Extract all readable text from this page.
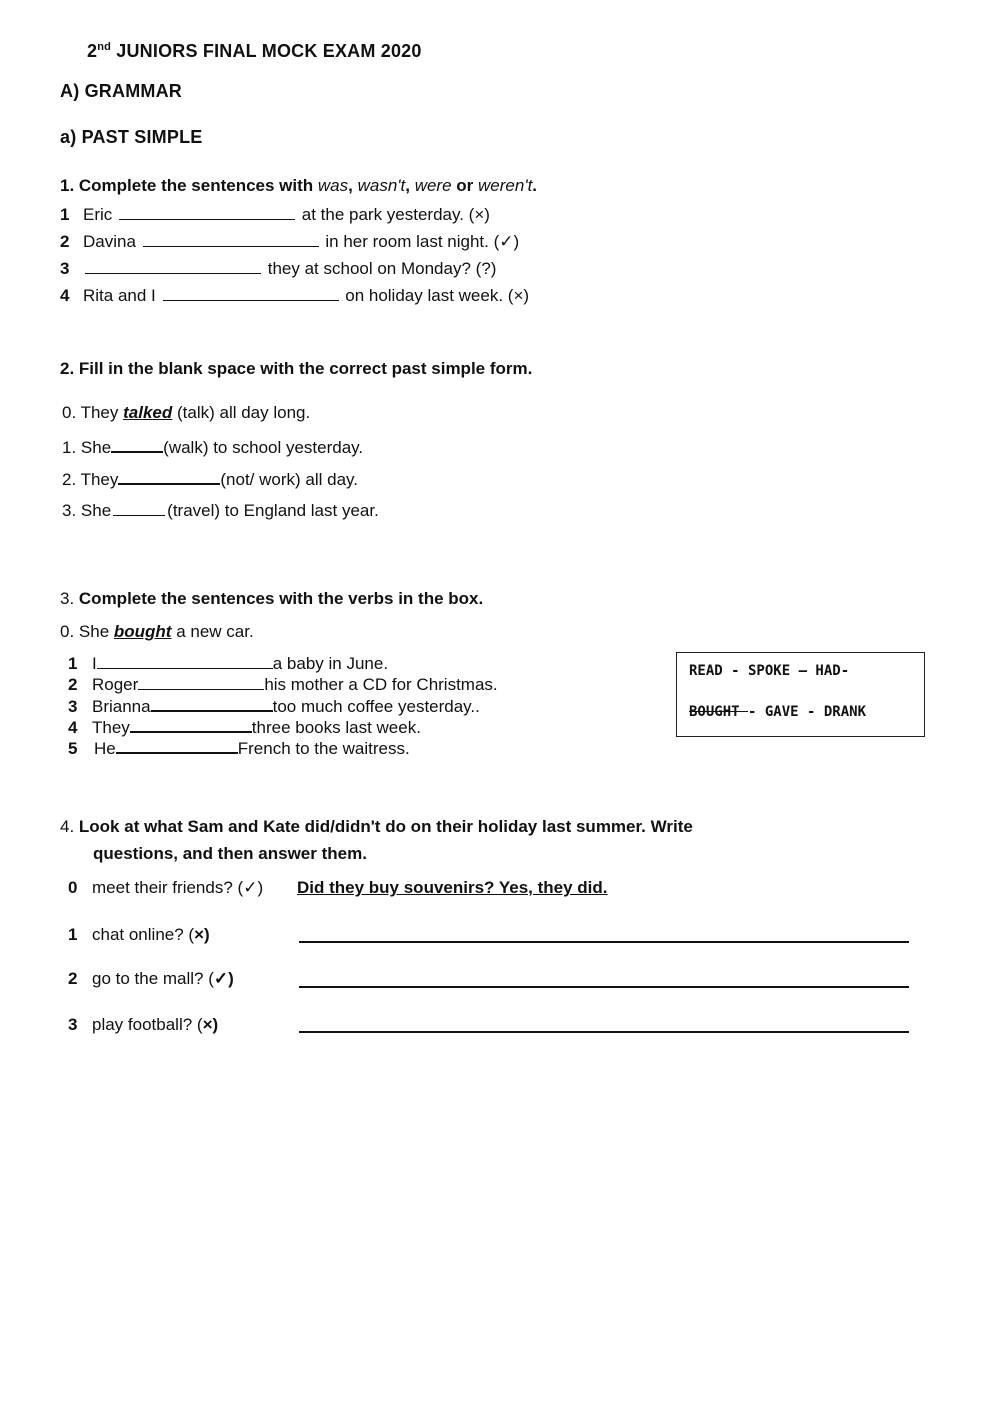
2nd JUNIORS FINAL MOCK EXAM 2020
A) GRAMMAR
a) PAST SIMPLE
1. Complete the sentences with was, wasn't, were or weren't.
1 Eric	at the park yesterday. (×)
2 Davina	in her room last night. (✓)
3	they at school on Monday? (?)
4 Rita and I	on holiday last week. (×)
2. Fill in the blank space with the correct past simple form.
0. They talked (talk) all day long.
1. She	(walk) to school yesterday.
2. They	(not/ work) all day.
3. She	(travel) to England last year.
3. Complete the sentences with the verbs in the box.
0. She bought a new car.
1 I	a baby in June.
2 Roger	his mother a CD for Christmas.
3 Brianna	too much coffee yesterday..
4 They	three books last week.
5 He	French to the waitress.
READ - SPOKE – HAD-
BOUGHT - GAVE - DRANK
4. Look at what Sam and Kate did/didn't do on their holiday last summer. Write
questions, and then answer them.
0 meet their friends? (✓) Did they buy souvenirs? Yes, they did.
1 chat online? (×)
2 go to the mall? (✓)
3 play football? (×)
